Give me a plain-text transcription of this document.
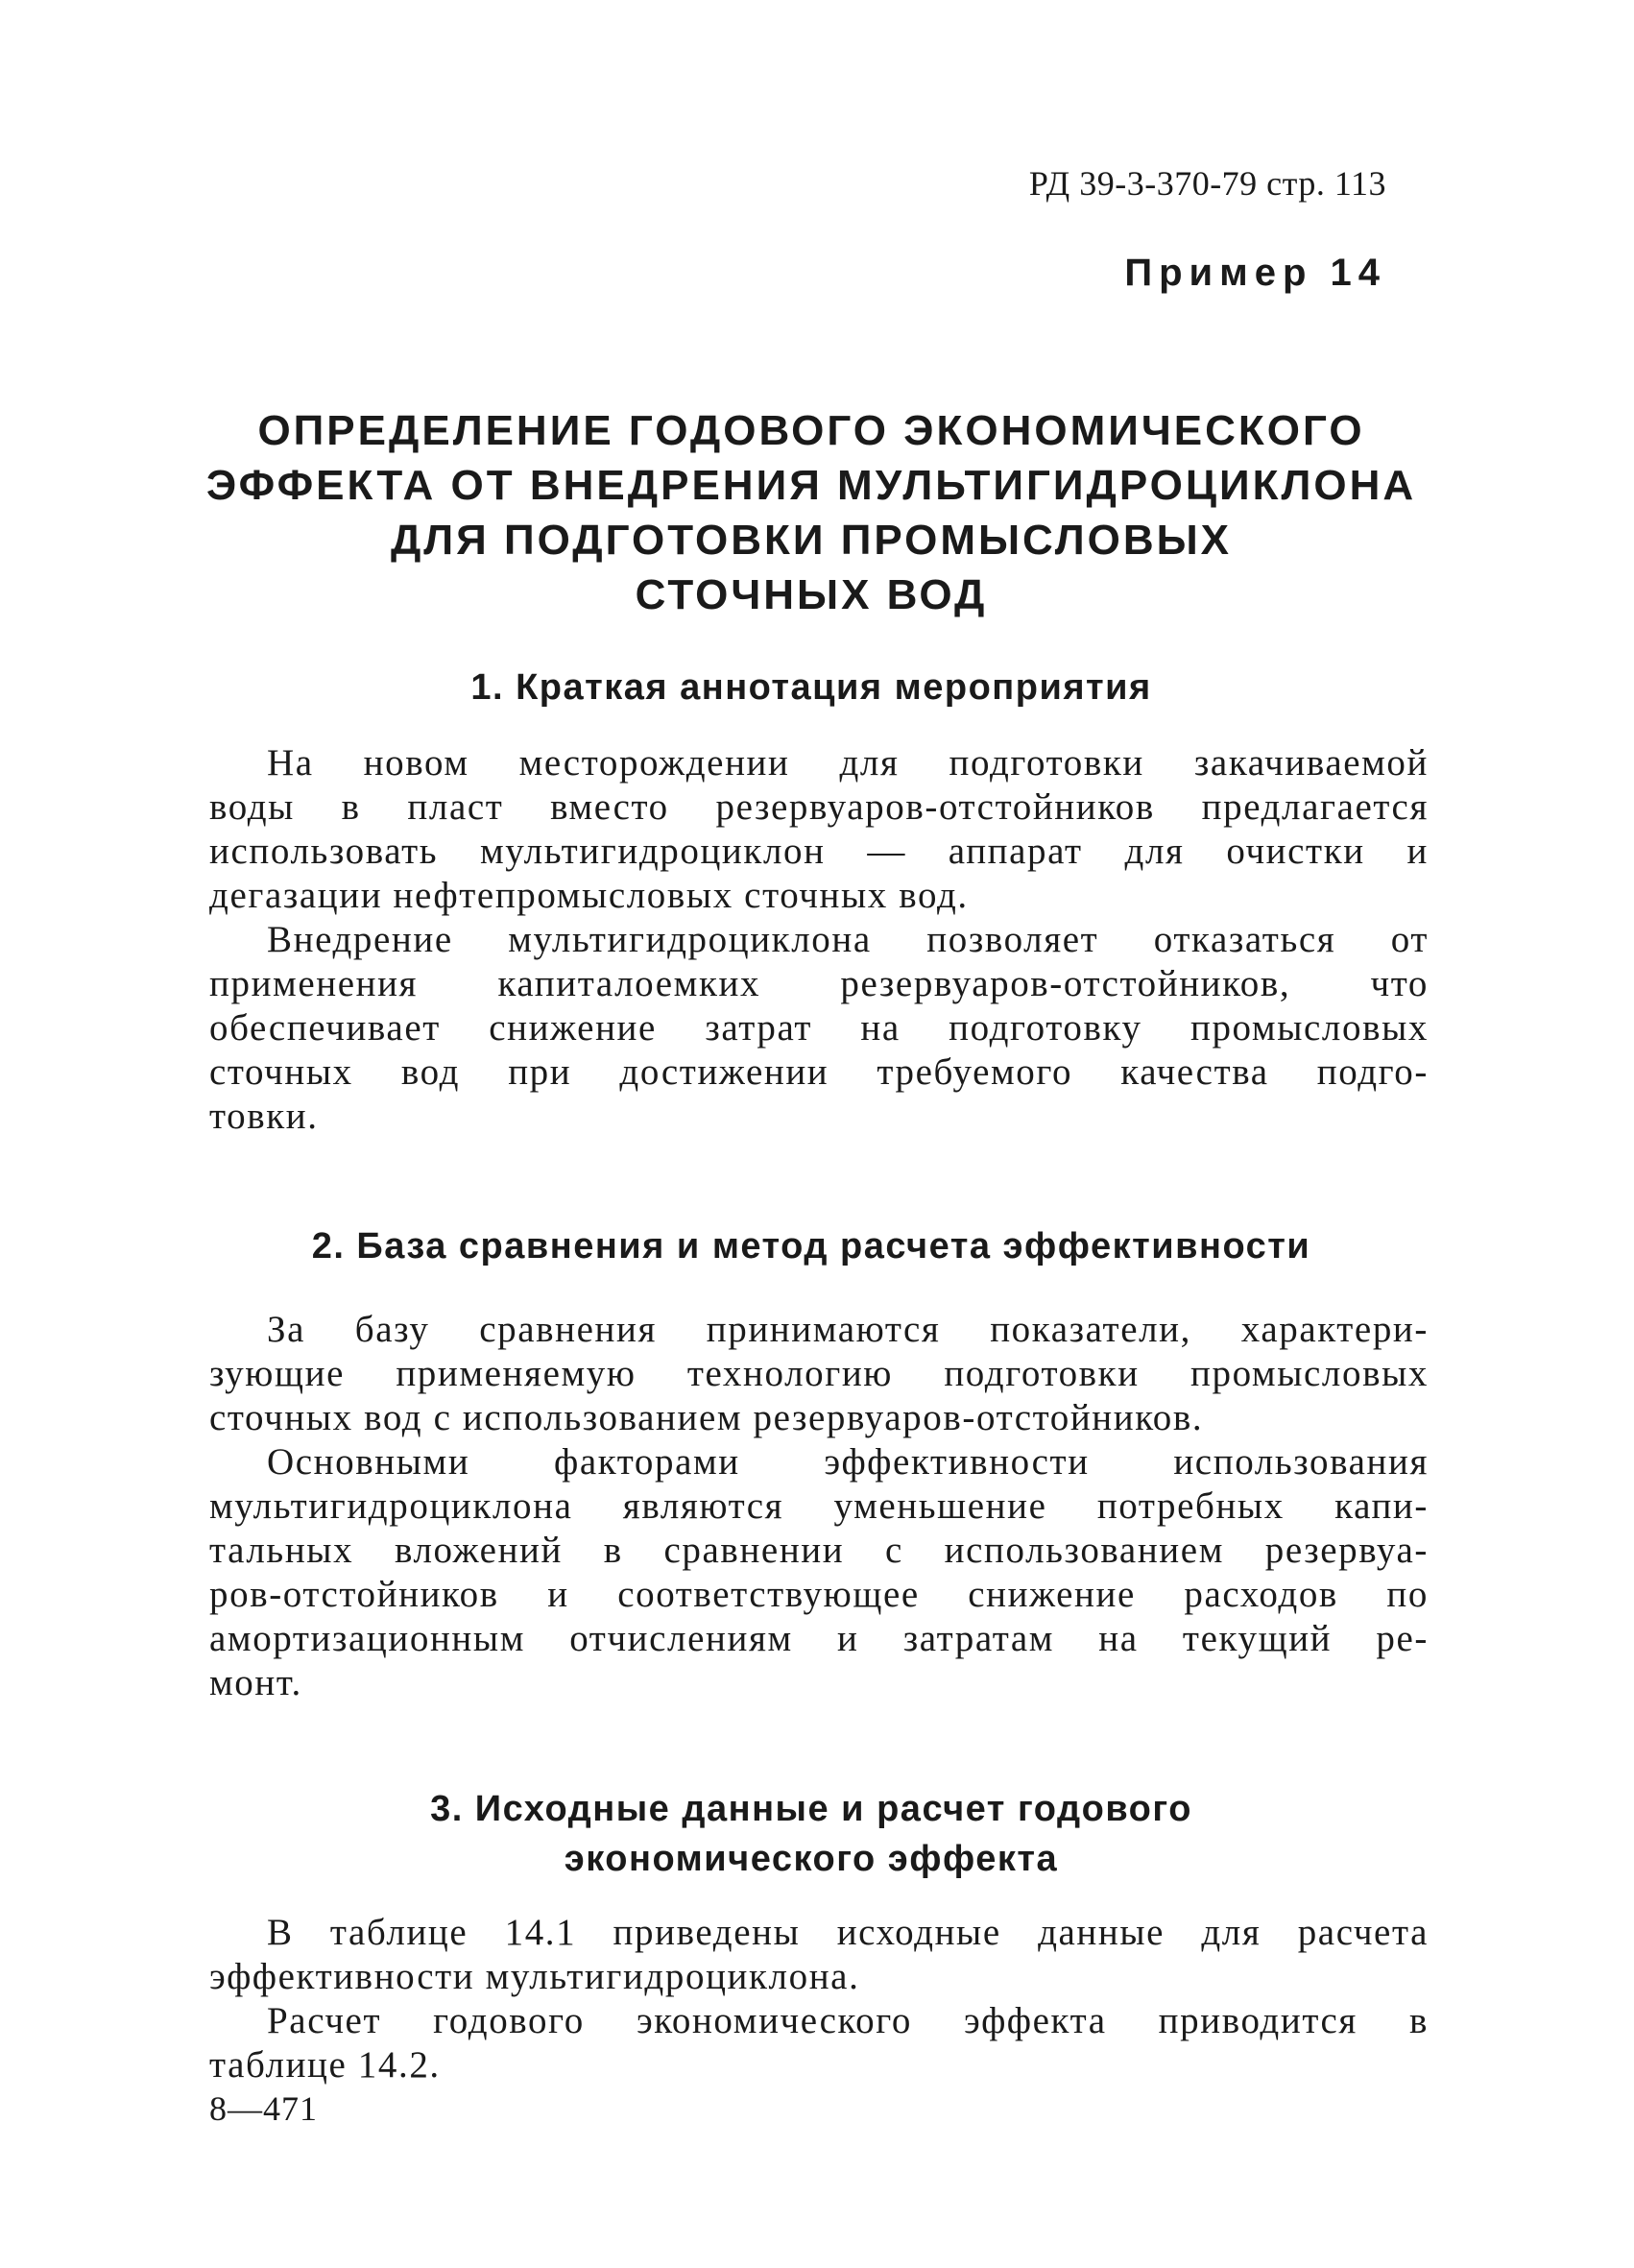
РД 39-3-370-79 стр. 113
Пример 14
ОПРЕДЕЛЕНИЕ ГОДОВОГО ЭКОНОМИЧЕСКОГО
ЭФФЕКТА ОТ ВНЕДРЕНИЯ МУЛЬТИГИДРОЦИКЛОНА
ДЛЯ ПОДГОТОВКИ ПРОМЫСЛОВЫХ
СТОЧНЫХ ВОД
1. Краткая аннотация мероприятия
На новом месторождении для подготовки закачиваемой
воды в пласт вместо резервуаров-отстойников предлагается
использовать мультигидроциклон — аппарат для очистки и
дегазации нефтепромысловых сточных вод.
Внедрение мультигидроциклона позволяет отказаться от
применения капиталоемких резервуаров-отстойников, что
обеспечивает снижение затрат на подготовку промысловых
сточных вод при достижении требуемого качества подго-
товки.
2. База сравнения и метод расчета эффективности
За базу сравнения принимаются показатели, характери-
зующие применяемую технологию подготовки промысловых
сточных вод с использованием резервуаров-отстойников.
Основными факторами эффективности использования
мультигидроциклона являются уменьшение потребных капи-
тальных вложений в сравнении с использованием резервуа-
ров-отстойников и соответствующее снижение расходов по
амортизационным отчислениям и затратам на текущий ре-
монт.
3. Исходные данные и расчет годового
экономического эффекта
В таблице 14.1 приведены исходные данные для расчета
эффективности мультигидроциклона.
Расчет годового экономического эффекта приводится в
таблице 14.2.
8—471
